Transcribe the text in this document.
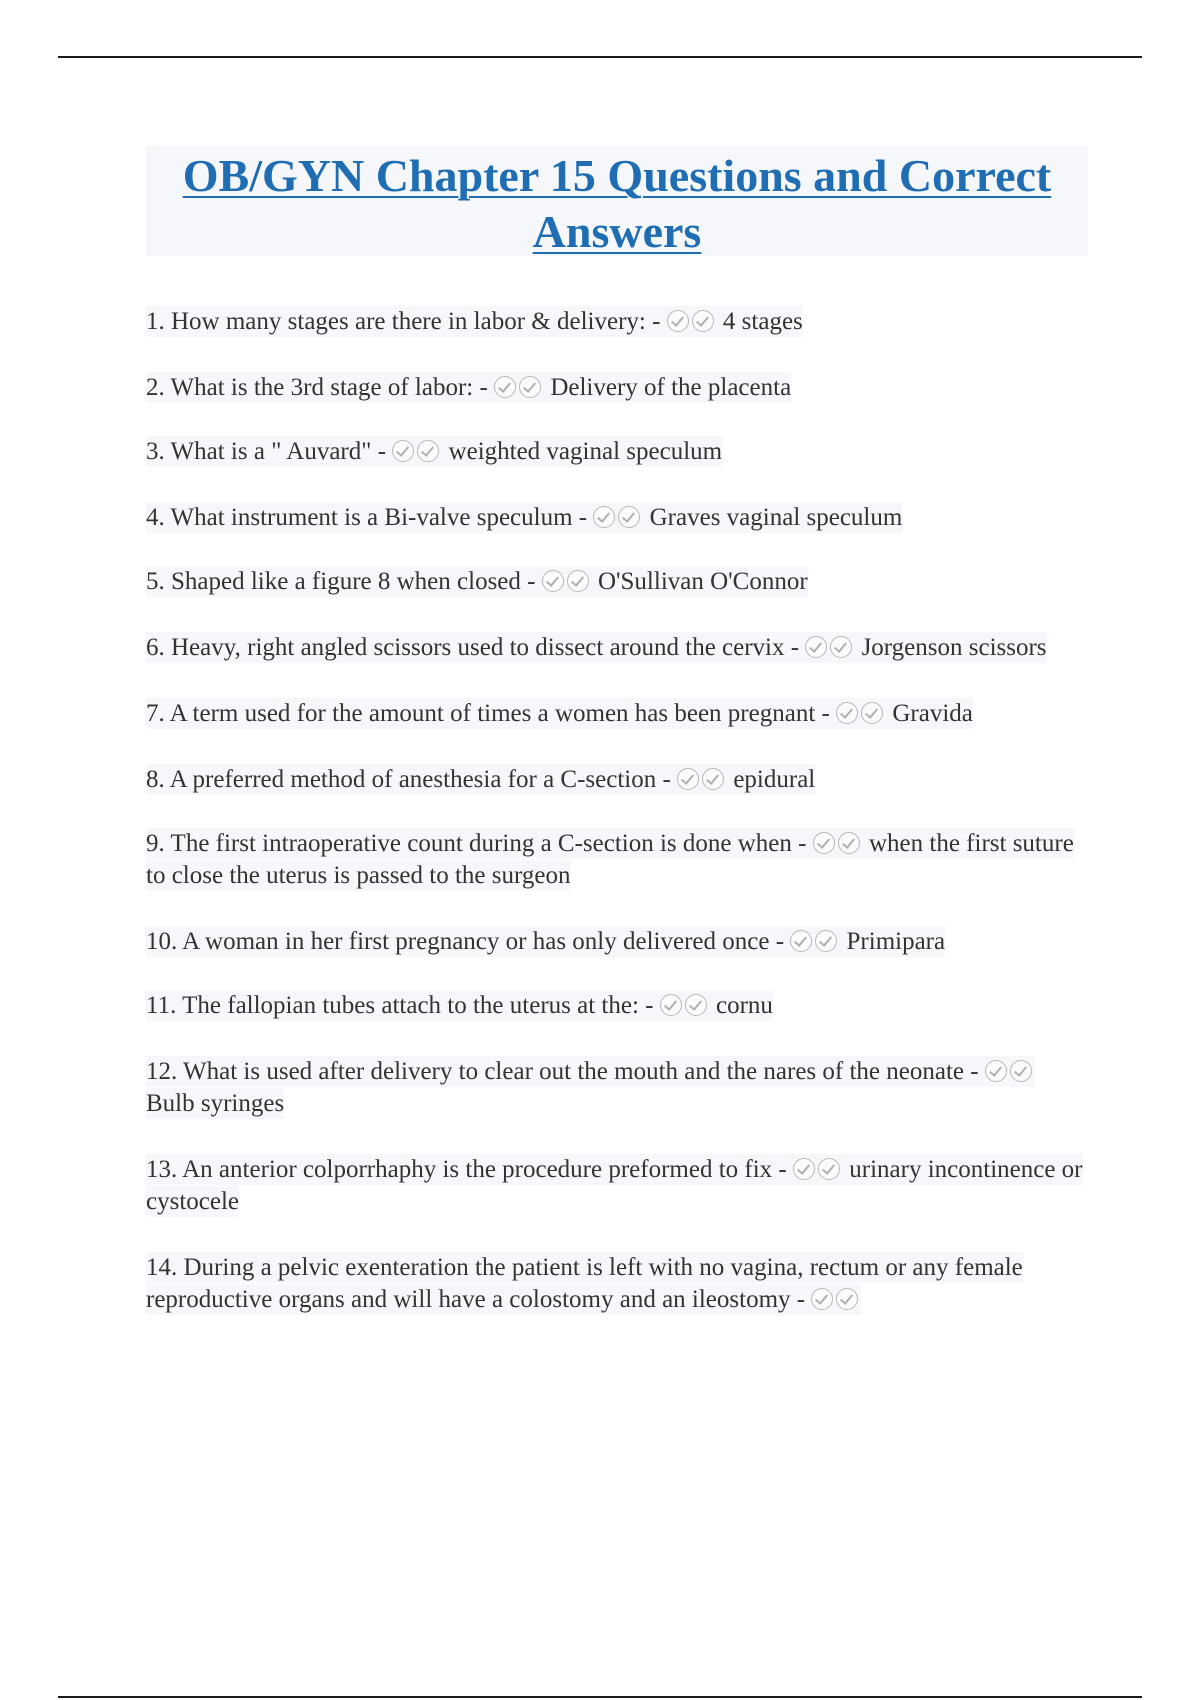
OB/GYN Chapter 15 Questions and Correct Answers
1. How many stages are there in labor & delivery: -	4 stages
2. What is the 3rd stage of labor: -	Delivery of the placenta
3. What is a " Auvard" -	weighted vaginal speculum
4. What instrument is a Bi-valve speculum -	Graves vaginal speculum
5. Shaped like a figure 8 when closed -	O'Sullivan O'Connor
6. Heavy, right angled scissors used to dissect around the cervix -	Jorgenson scissors
7. A term used for the amount of times a women has been pregnant -	Gravida
8. A preferred method of anesthesia for a C-section -	epidural
9. The first intraoperative count during a C-section is done when -	when the first suture to close the uterus is passed to the surgeon
10. A woman in her first pregnancy or has only delivered once -	Primipara
11. The fallopian tubes attach to the uterus at the: -	cornu
12. What is used after delivery to clear out the mouth and the nares of the neonate -  Bulb syringes
13. An anterior colporrhaphy is the procedure preformed to fix -	urinary incontinence or cystocele
14. During a pelvic exenteration the patient is left with no vagina, rectum or any female reproductive organs and will have a colostomy and an ileostomy -
